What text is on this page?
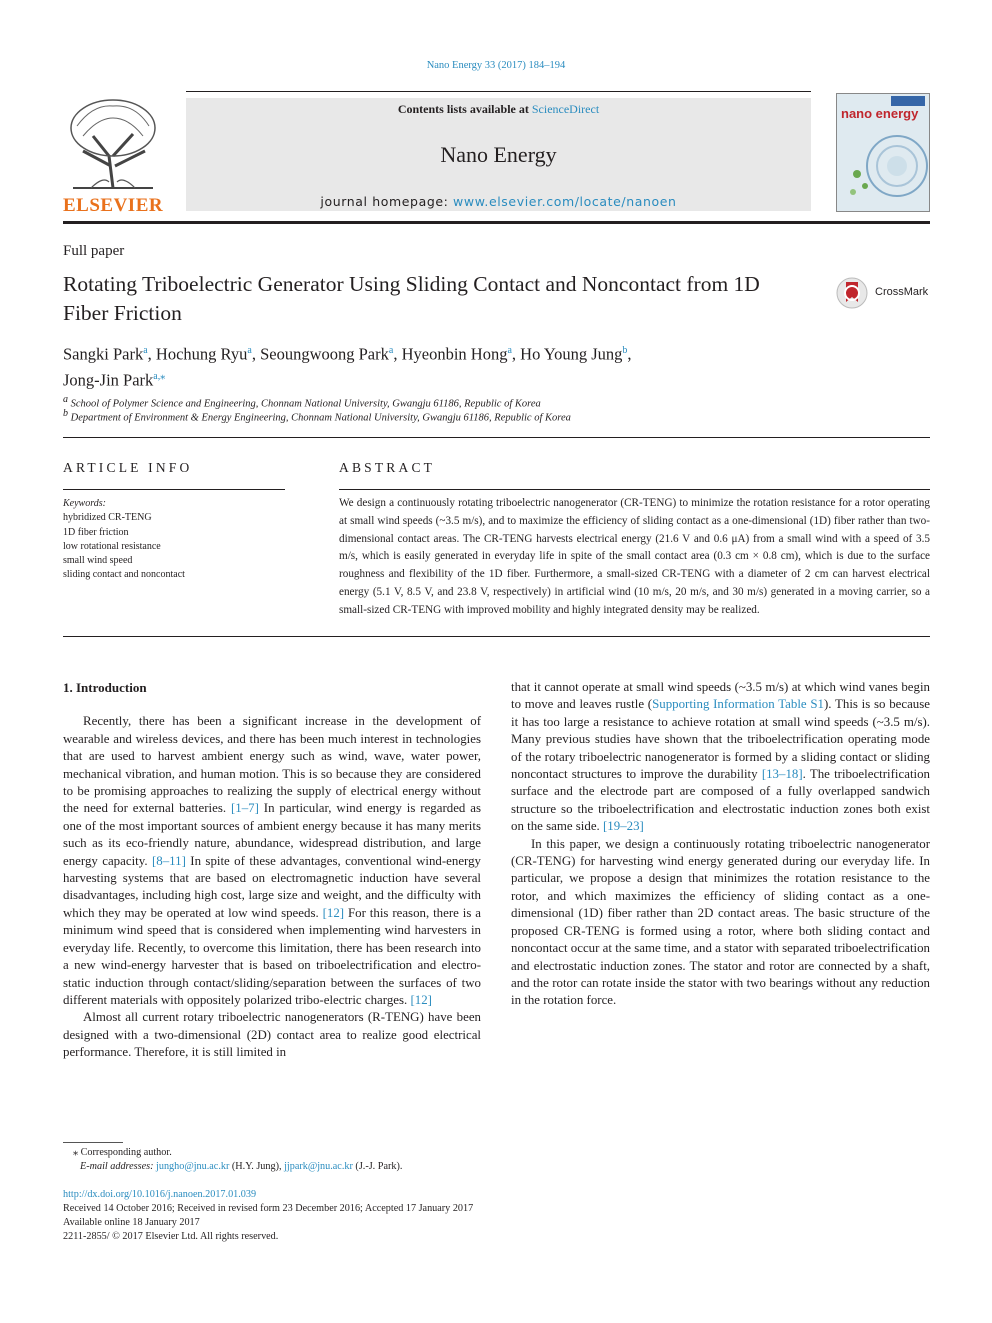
Nano Energy 33 (2017) 184–194
ELSEVIER
Contents lists available at ScienceDirect
Nano Energy
journal homepage: www.elsevier.com/locate/nanoen
nano energy
Full paper
Rotating Triboelectric Generator Using Sliding Contact and Noncontact from 1D Fiber Friction
CrossMark
Sangki Park$^a$, Hochung Ryu$^a$, Seoungwoong Park$^a$, Hyeonbin Hong$^a$, Ho Young Jung$^b$,
Jong-Jin Park$^{a,⁎}$
$^a$ School of Polymer Science and Engineering, Chonnam National University, Gwangju 61186, Republic of Korea
$^b$ Department of Environment & Energy Engineering, Chonnam National University, Gwangju 61186, Republic of Korea
ARTICLE INFO
Keywords:
hybridized CR-TENG
1D fiber friction
low rotational resistance
small wind speed
sliding contact and noncontact
ABSTRACT
We design a continuously rotating triboelectric nanogenerator (CR-TENG) to minimize the rotation resistance for a rotor operating at small wind speeds (~3.5 m/s), and to maximize the efficiency of sliding contact as a one-dimensional (1D) fiber rather than two-dimensional contact areas. The CR-TENG harvests electrical energy (21.6 V and 0.6 μA) from a small wind with a speed of 3.5 m/s, which is easily generated in everyday life in spite of the small contact area (0.3 cm × 0.8 cm), which is due to the surface roughness and flexibility of the 1D fiber. Furthermore, a small-sized CR-TENG with a diameter of 2 cm can harvest electrical energy (5.1 V, 8.5 V, and 23.8 V, respectively) in artificial wind (10 m/s, 20 m/s, and 30 m/s) generated in a moving carrier, so a small-sized CR-TENG with improved mobility and highly integrated density may be realized.
1. Introduction

Recently, there has been a significant increase in the development of wearable and wireless devices, and there has been much interest in technologies that are used to harvest ambient energy such as wind, wave, water power, mechanical vibration, and human motion. This is so because they are considered to be promising approaches to realizing the supply of electrical energy without the need for external batteries. [1–7] In particular, wind energy is regarded as one of the most important sources of ambient energy because it has many merits such as its eco-friendly nature, abundance, widespread distribution, and large energy capacity. [8–11] In spite of these advantages, conventional wind-energy harvesting systems that are based on electromagnetic induction have several disadvantages, including high cost, large size and weight, and the difficulty with which they may be operated at low wind speeds. [12] For this reason, there is a minimum wind speed that is considered when implementing wind harvesters in everyday life. Recently, to overcome this limitation, there has been research into a new wind-energy harvester that is based on triboelectrification and electro-static induction through contact/sliding/separation between the surfaces of two different materials with oppositely polarized tribo-electric charges. [12]

Almost all current rotary triboelectric nanogenerators (R-TENG) have been designed with a two-dimensional (2D) contact area to realize good electrical performance. Therefore, it is still limited in

that it cannot operate at small wind speeds (~3.5 m/s) at which wind vanes begin to move and leaves rustle (Supporting Information Table S1). This is so because it has too large a resistance to achieve rotation at small wind speeds (~3.5 m/s). Many previous studies have shown that the triboelectrification operating mode of the rotary triboelectric nanogenerator is formed by a sliding contact or sliding noncontact structures to improve the durability [13–18]. The triboelectrification surface and the electrode part are composed of a fully overlapped sandwich structure so the triboelectrification and electrostatic induction zones both exist on the same side. [19–23]

In this paper, we design a continuously rotating triboelectric nanogenerator (CR-TENG) for harvesting wind energy generated during our everyday life. In particular, we propose a design that minimizes the rotation resistance to the rotor, and which maximizes the efficiency of sliding contact as a one-dimensional (1D) fiber rather than 2D contact areas. The basic structure of the proposed CR-TENG is formed using a rotor, where both sliding contact and noncontact occur at the same time, and a stator with separated triboelectrification and electrostatic induction zones. The stator and rotor are connected by a shaft, and the rotor can rotate inside the stator with two bearings without any reduction in the rotation force.

⁎ Corresponding author.
E-mail addresses: jungho@jnu.ac.kr (H.Y. Jung), jjpark@jnu.ac.kr (J.-J. Park).
http://dx.doi.org/10.1016/j.nanoen.2017.01.039
Received 14 October 2016; Received in revised form 23 December 2016; Accepted 17 January 2017
Available online 18 January 2017
2211-2855/ © 2017 Elsevier Ltd. All rights reserved.
